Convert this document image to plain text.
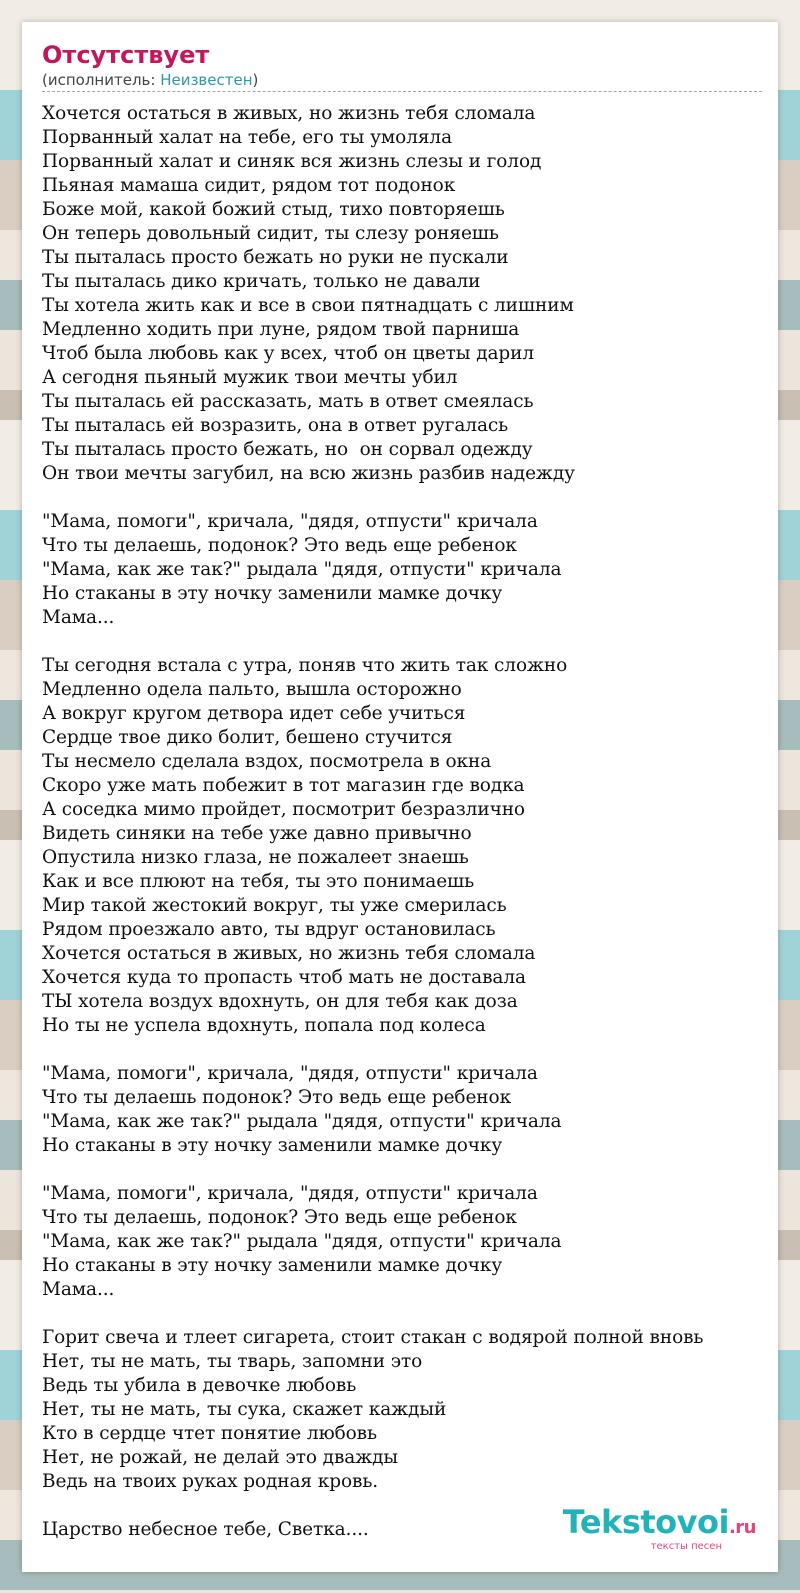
Отсутствует
(исполнитель: Неизвестен)
Хочется остаться в живых, но жизнь тебя сломала
Порванный халат на тебе, его ты умоляла
Порванный халат и синяк вся жизнь слезы и голод
Пьяная мамаша сидит, рядом тот подонок
Боже мой, какой божий стыд, тихо повторяешь
Он теперь довольный сидит, ты слезу роняешь
Ты пыталась просто бежать но руки не пускали
Ты пыталась дико кричать, только не давали
Ты хотела жить как и все в свои пятнадцать с лишним
Медленно ходить при луне, рядом твой парниша
Чтоб была любовь как у всех, чтоб он цветы дарил
А сегодня пьяный мужик твои мечты убил
Ты пыталась ей рассказать, мать в ответ смеялась
Ты пыталась ей возразить, она в ответ ругалась
Ты пыталась просто бежать, но  он сорвал одежду
Он твои мечты загубил, на всю жизнь разбив надежду

"Мама, помоги", кричала, "дядя, отпусти" кричала
Что ты делаешь, подонок? Это ведь еще ребенок
"Мама, как же так?" рыдала "дядя, отпусти" кричала
Но стаканы в эту ночку заменили мамке дочку
Мама...

Ты сегодня встала с утра, поняв что жить так сложно
Медленно одела пальто, вышла осторожно
А вокруг кругом детвора идет себе учиться
Сердце твое дико болит, бешено стучится
Ты несмело сделала вздох, посмотрела в окна
Скоро уже мать побежит в тот магазин где водка
А соседка мимо пройдет, посмотрит безразлично
Видеть синяки на тебе уже давно привычно
Опустила низко глаза, не пожалеет знаешь
Как и все плюют на тебя, ты это понимаешь
Мир такой жестокий вокруг, ты уже смерилась
Рядом проезжало авто, ты вдруг остановилась
Хочется остаться в живых, но жизнь тебя сломала
Хочется куда то пропасть чтоб мать не доставала
ТЫ хотела воздух вдохнуть, он для тебя как доза
Но ты не успела вдохнуть, попала под колеса

"Мама, помоги", кричала, "дядя, отпусти" кричала
Что ты делаешь подонок? Это ведь еще ребенок
"Мама, как же так?" рыдала "дядя, отпусти" кричала
Но стаканы в эту ночку заменили мамке дочку

"Мама, помоги", кричала, "дядя, отпусти" кричала
Что ты делаешь, подонок? Это ведь еще ребенок
"Мама, как же так?" рыдала "дядя, отпусти" кричала
Но стаканы в эту ночку заменили мамке дочку
Мама...

Горит свеча и тлеет сигарета, стоит стакан с водярой полной вновь
Нет, ты не мать, ты тварь, запомни это
Ведь ты убила в девочке любовь
Нет, ты не мать, ты сука, скажет каждый
Кто в сердце чтет понятие любовь
Нет, не рожай, не делай это дважды
Ведь на твоих руках родная кровь.

Царство небесное тебе, Светка....	Tekstovoi.ru
тексты песен
